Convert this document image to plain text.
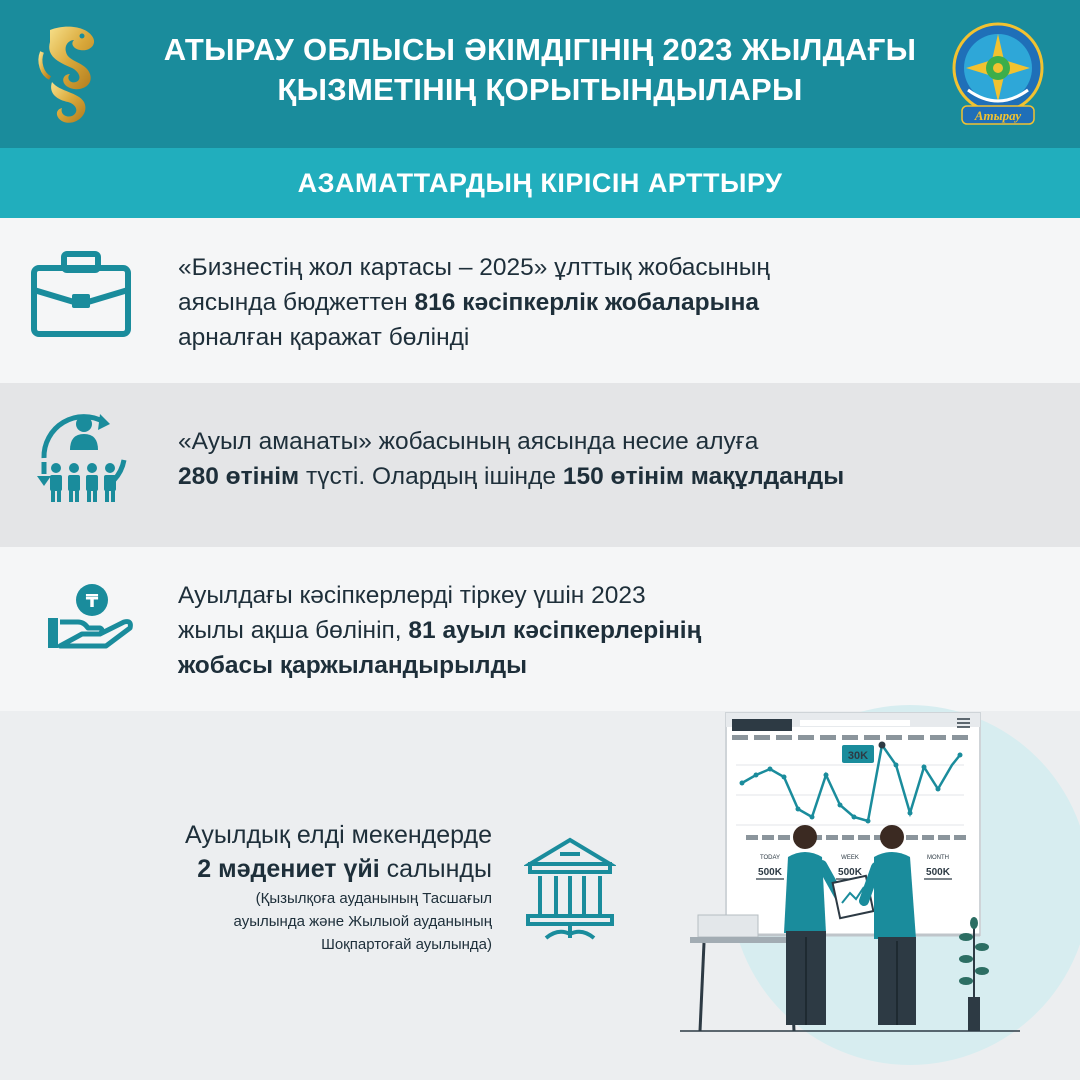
АТЫРАУ ОБЛЫСЫ ӘКІМДІГІНІҢ 2023 ЖЫЛДАҒЫ
ҚЫЗМЕТІНІҢ ҚОРЫТЫНДЫЛАРЫ
Атырау
АЗАМАТТАРДЫҢ КІРІСІН АРТТЫРУ
«Бизнестің жол картасы – 2025» ұлттық жобасының
аясында бюджеттен 816 кәсіпкерлік жобаларына
арналған қаражат бөлінді
«Ауыл аманаты» жобасының аясында несие алуға
280 өтінім түсті. Олардың ішінде 150 өтінім мақұлданды
₸	Ауылдағы кәсіпкерлерді тіркеу үшін 2023
жылы ақша бөлініп, 81 ауыл кәсіпкерлерінің
жобасы қаржыландырылды
Ауылдық елді мекендерде
2 мәдениет үйі салынды
(Қызылқоға ауданының Тасшағыл
ауылында және Жылыой ауданының
Шоқпартоғай ауылында)
30K
TODAY	WEEK	MONTH
500K	500K	500K
